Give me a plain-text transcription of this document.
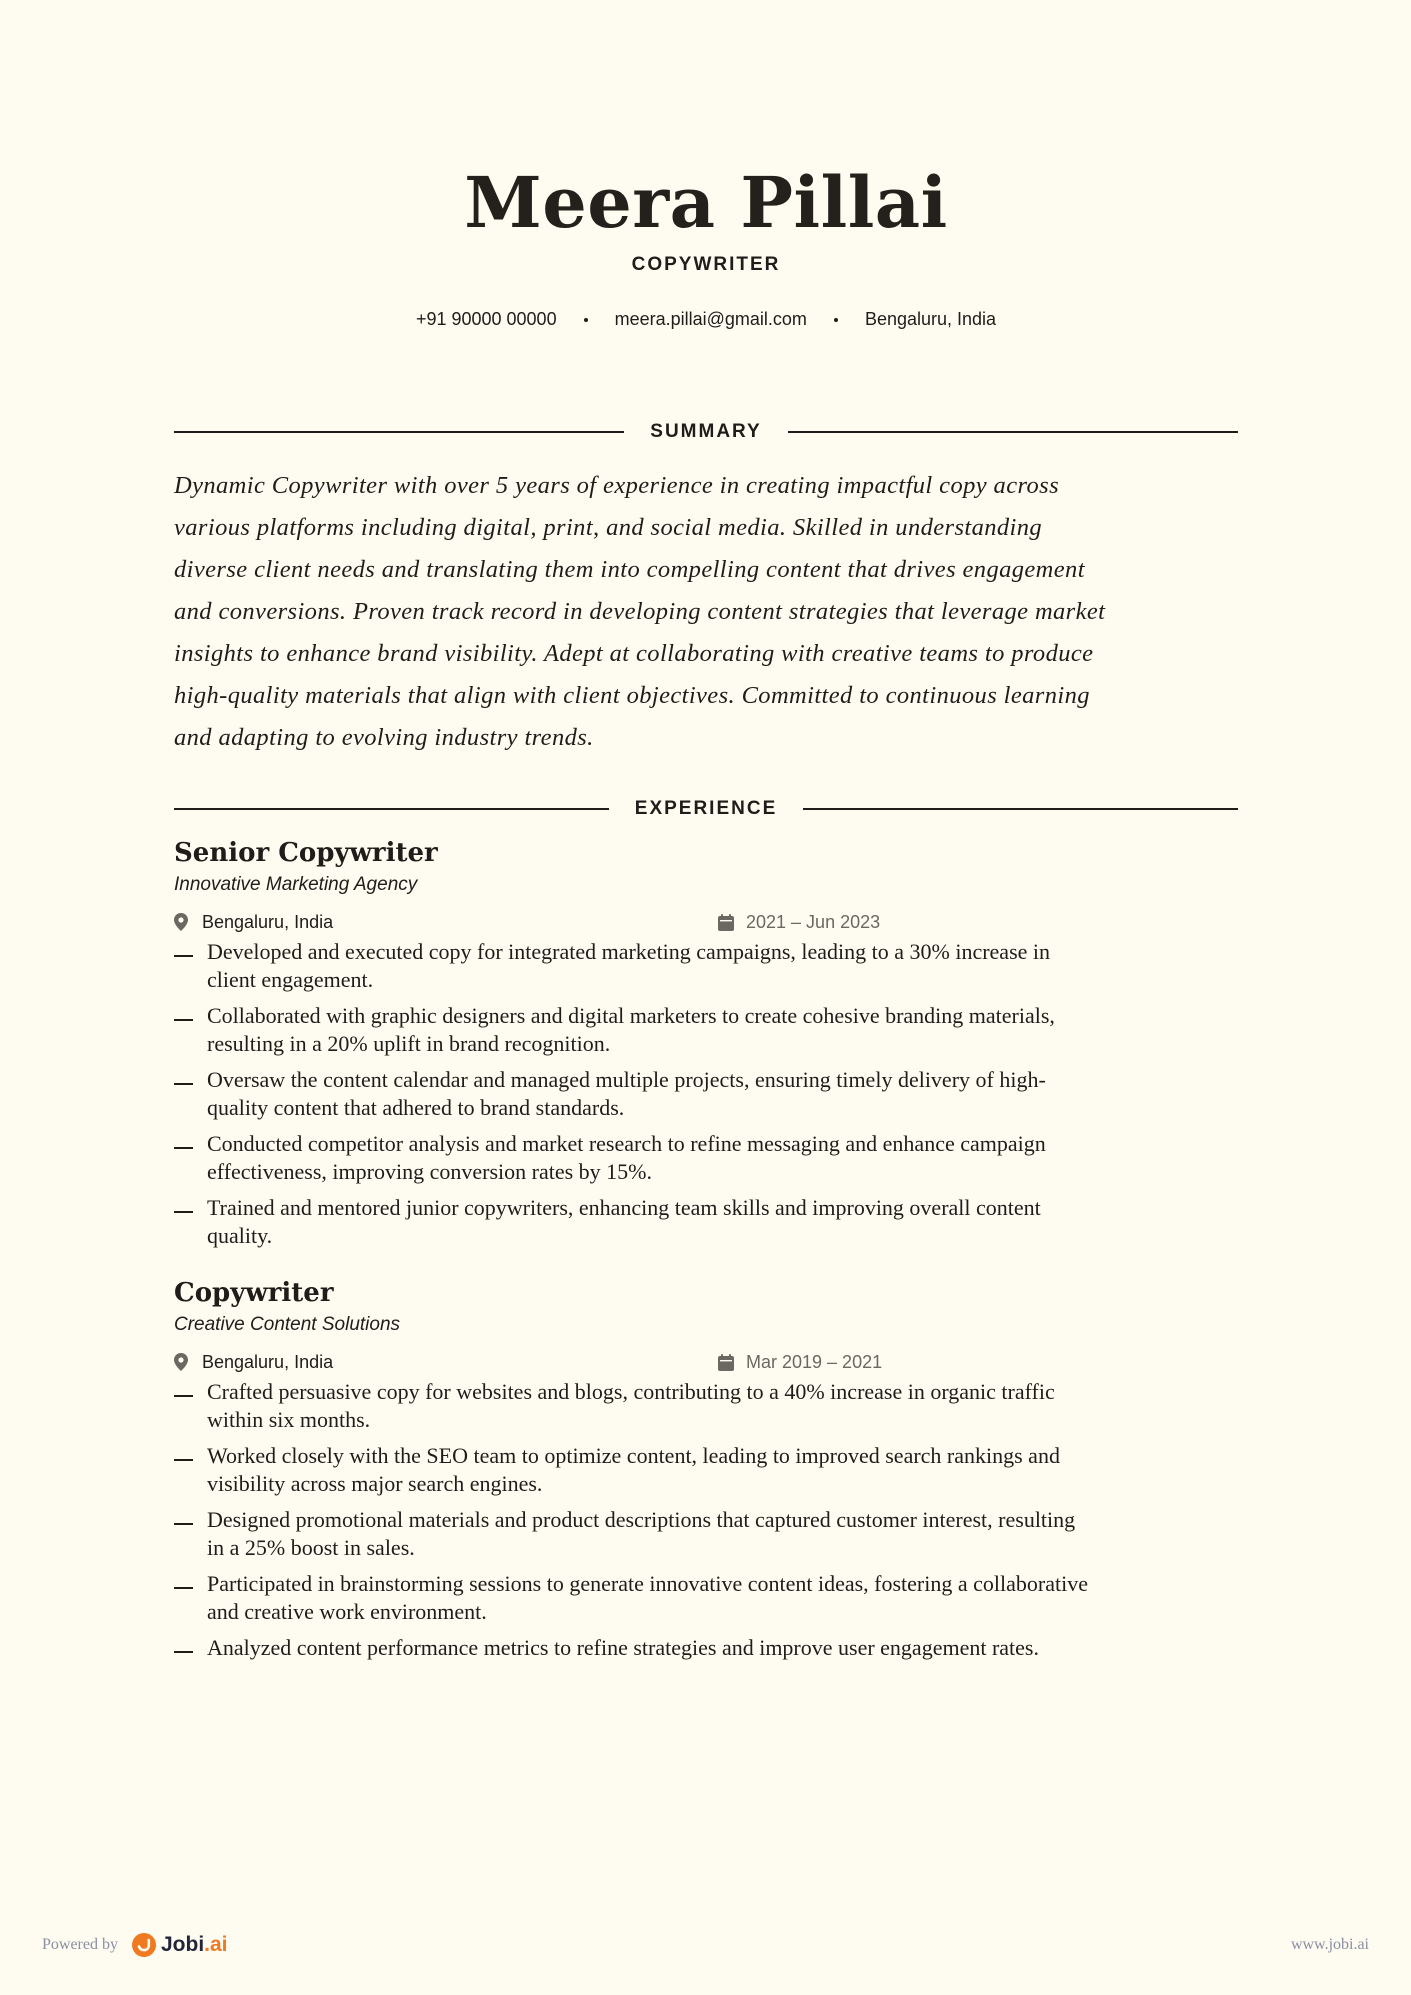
Meera Pillai
COPYWRITER
+91 90000 00000	meera.pillai@gmail.com	Bengaluru, India
SUMMARY

Dynamic Copywriter with over 5 years of experience in creating impactful copy across
various platforms including digital, print, and social media. Skilled in understanding
diverse client needs and translating them into compelling content that drives engagement
and conversions. Proven track record in developing content strategies that leverage market
insights to enhance brand visibility. Adept at collaborating with creative teams to produce
high-quality materials that align with client objectives. Committed to continuous learning
and adapting to evolving industry trends.

EXPERIENCE
Senior Copywriter
Innovative Marketing Agency
Bengaluru, India	2021 – Jun 2023
Developed and executed copy for integrated marketing campaigns, leading to a 30% increase in
client engagement.
Collaborated with graphic designers and digital marketers to create cohesive branding materials,
resulting in a 20% uplift in brand recognition.
Oversaw the content calendar and managed multiple projects, ensuring timely delivery of high-
quality content that adhered to brand standards.
Conducted competitor analysis and market research to refine messaging and enhance campaign
effectiveness, improving conversion rates by 15%.
Trained and mentored junior copywriters, enhancing team skills and improving overall content
quality.
Copywriter
Creative Content Solutions
Bengaluru, India	Mar 2019 – 2021
Crafted persuasive copy for websites and blogs, contributing to a 40% increase in organic traffic
within six months.
Worked closely with the SEO team to optimize content, leading to improved search rankings and
visibility across major search engines.
Designed promotional materials and product descriptions that captured customer interest, resulting
in a 25% boost in sales.
Participated in brainstorming sessions to generate innovative content ideas, fostering a collaborative
and creative work environment.
Analyzed content performance metrics to refine strategies and improve user engagement rates.
Powered by Jobi.ai	www.jobi.ai
